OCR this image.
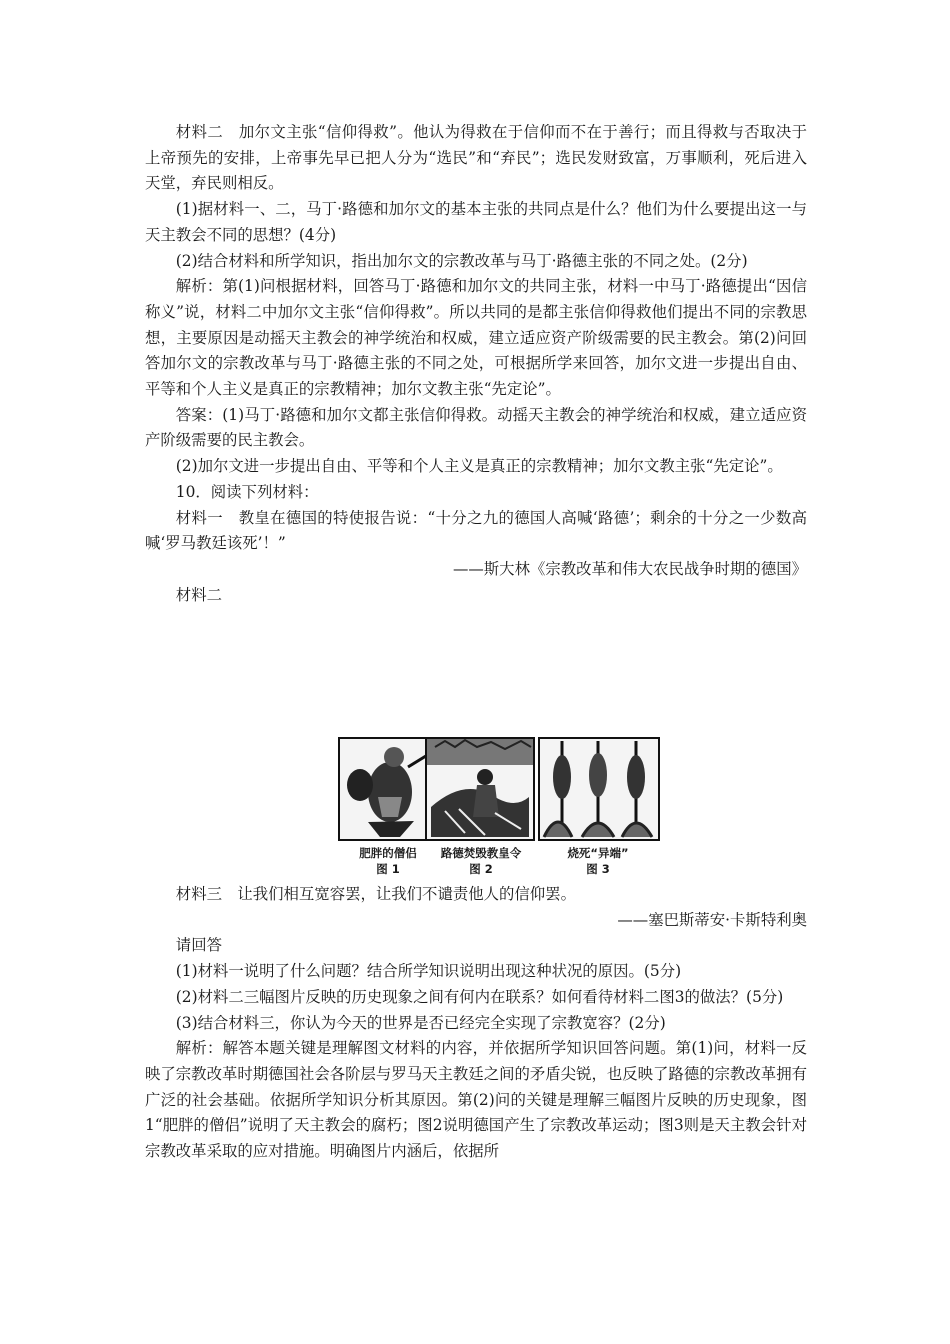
材料二　加尔文主张“信仰得救”。他认为得救在于信仰而不在于善行；而且得救与否取决于上帝预先的安排，上帝事先早已把人分为“选民”和“弃民”；选民发财致富，万事顺利，死后进入天堂，弃民则相反。

(1)据材料一、二，马丁·路德和加尔文的基本主张的共同点是什么？他们为什么要提出这一与天主教会不同的思想？(4分)

(2)结合材料和所学知识，指出加尔文的宗教改革与马丁·路德主张的不同之处。(2分)

解析：第(1)问根据材料，回答马丁·路德和加尔文的共同主张，材料一中马丁·路德提出“因信称义”说，材料二中加尔文主张“信仰得救”。所以共同的是都主张信仰得救他们提出不同的宗教思想，主要原因是动摇天主教会的神学统治和权威，建立适应资产阶级需要的民主教会。第(2)问回答加尔文的宗教改革与马丁·路德主张的不同之处，可根据所学来回答，加尔文进一步提出自由、平等和个人主义是真正的宗教精神；加尔文教主张“先定论”。

答案：(1)马丁·路德和加尔文都主张信仰得救。动摇天主教会的神学统治和权威，建立适应资产阶级需要的民主教会。

(2)加尔文进一步提出自由、平等和个人主义是真正的宗教精神；加尔文教主张“先定论”。

10．阅读下列材料：

材料一　教皇在德国的特使报告说：“十分之九的德国人高喊‘路德’；剩余的十分之一少数高喊‘罗马教廷该死’！”

——斯大林《宗教改革和伟大农民战争时期的德国》

材料二

肥胖的僧侣
图 1
路德焚毁教皇令
图 2
烧死“异端”
图 3

材料三　让我们相互宽容罢，让我们不谴责他人的信仰罢。

——塞巴斯蒂安·卡斯特利奥

请回答

(1)材料一说明了什么问题？结合所学知识说明出现这种状况的原因。(5分)

(2)材料二三幅图片反映的历史现象之间有何内在联系？如何看待材料二图3的做法？(5分)

(3)结合材料三，你认为今天的世界是否已经完全实现了宗教宽容？(2分)

解析：解答本题关键是理解图文材料的内容，并依据所学知识回答问题。第(1)问，材料一反映了宗教改革时期德国社会各阶层与罗马天主教廷之间的矛盾尖锐，也反映了路德的宗教改革拥有广泛的社会基础。依据所学知识分析其原因。第(2)问的关键是理解三幅图片反映的历史现象，图1“肥胖的僧侣”说明了天主教会的腐朽；图2说明德国产生了宗教改革运动；图3则是天主教会针对宗教改革采取的应对措施。明确图片内涵后，依据所
